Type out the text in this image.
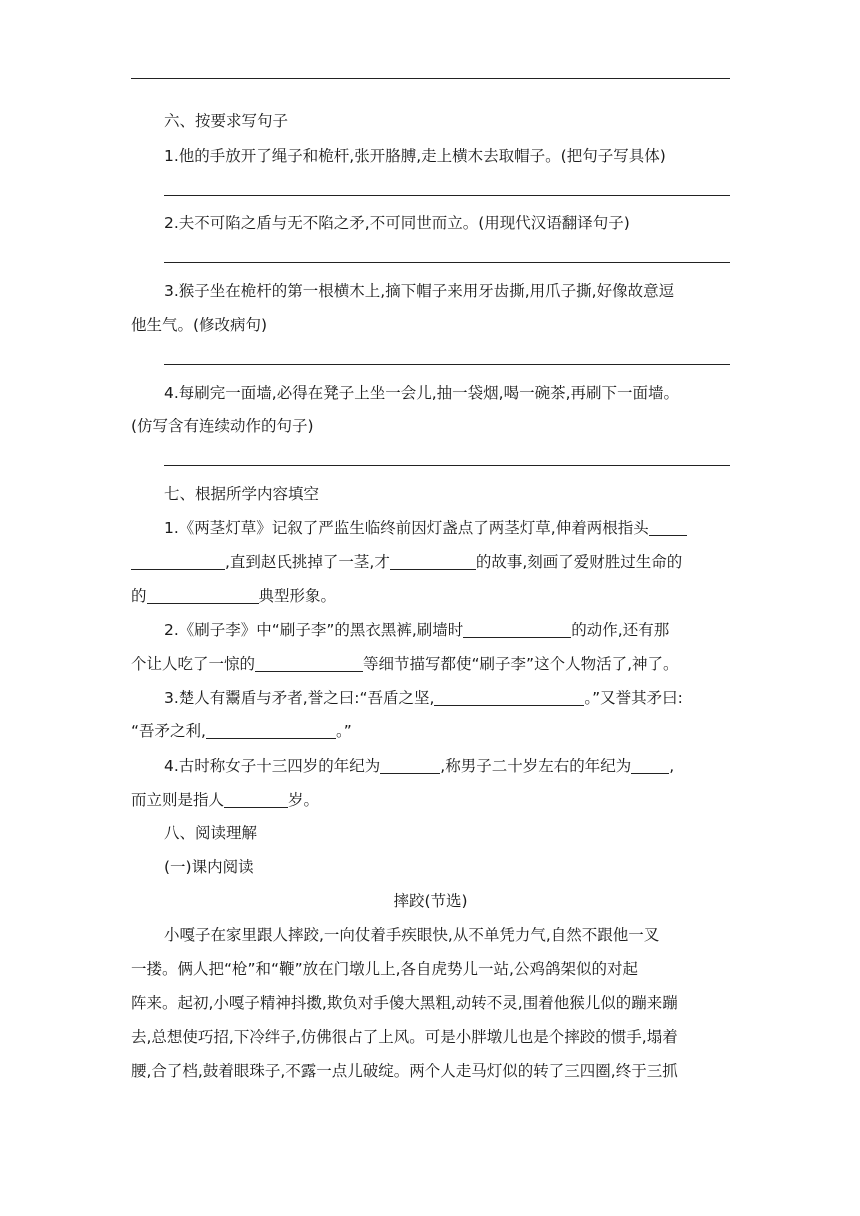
六、按要求写句子
1.他的手放开了绳子和桅杆,张开胳膊,走上横木去取帽子。(把句子写具体)
2.夫不可陷之盾与无不陷之矛,不可同世而立。(用现代汉语翻译句子)
3.猴子坐在桅杆的第一根横木上,摘下帽子来用牙齿撕,用爪子撕,好像故意逗
他生气。(修改病句)
4.每刷完一面墙,必得在凳子上坐一会儿,抽一袋烟,喝一碗茶,再刷下一面墙。
(仿写含有连续动作的句子)
七、根据所学内容填空
1.《两茎灯草》记叙了严监生临终前因灯盏点了两茎灯草,伸着两根指头
,直到赵氏挑掉了一茎,才	的故事,刻画了爱财胜过生命的
的	典型形象。
2.《刷子李》中“刷子李”的黑衣黑裤,刷墙时	的动作,还有那
个让人吃了一惊的	等细节描写都使“刷子李”这个人物活了,神了。
3.楚人有鬻盾与矛者,誉之曰:“吾盾之坚,	。”又誉其矛曰:
“吾矛之利,	。”
4.古时称女子十三四岁的年纪为	,称男子二十岁左右的年纪为 ,
而立则是指人	岁。
八、阅读理解
(一)课内阅读
摔跤(节选)
小嘎子在家里跟人摔跤,一向仗着手疾眼快,从不单凭力气,自然不跟他一叉
一搂。俩人把“枪”和“鞭”放在门墩儿上,各自虎势儿一站,公鸡鸽架似的对起
阵来。起初,小嘎子精神抖擞,欺负对手傻大黑粗,动转不灵,围着他猴儿似的蹦来蹦
去,总想使巧招,下冷绊子,仿佛很占了上风。可是小胖墩儿也是个摔跤的惯手,塌着
腰,合了档,鼓着眼珠子,不露一点儿破绽。两个人走马灯似的转了三四圈,终于三抓
